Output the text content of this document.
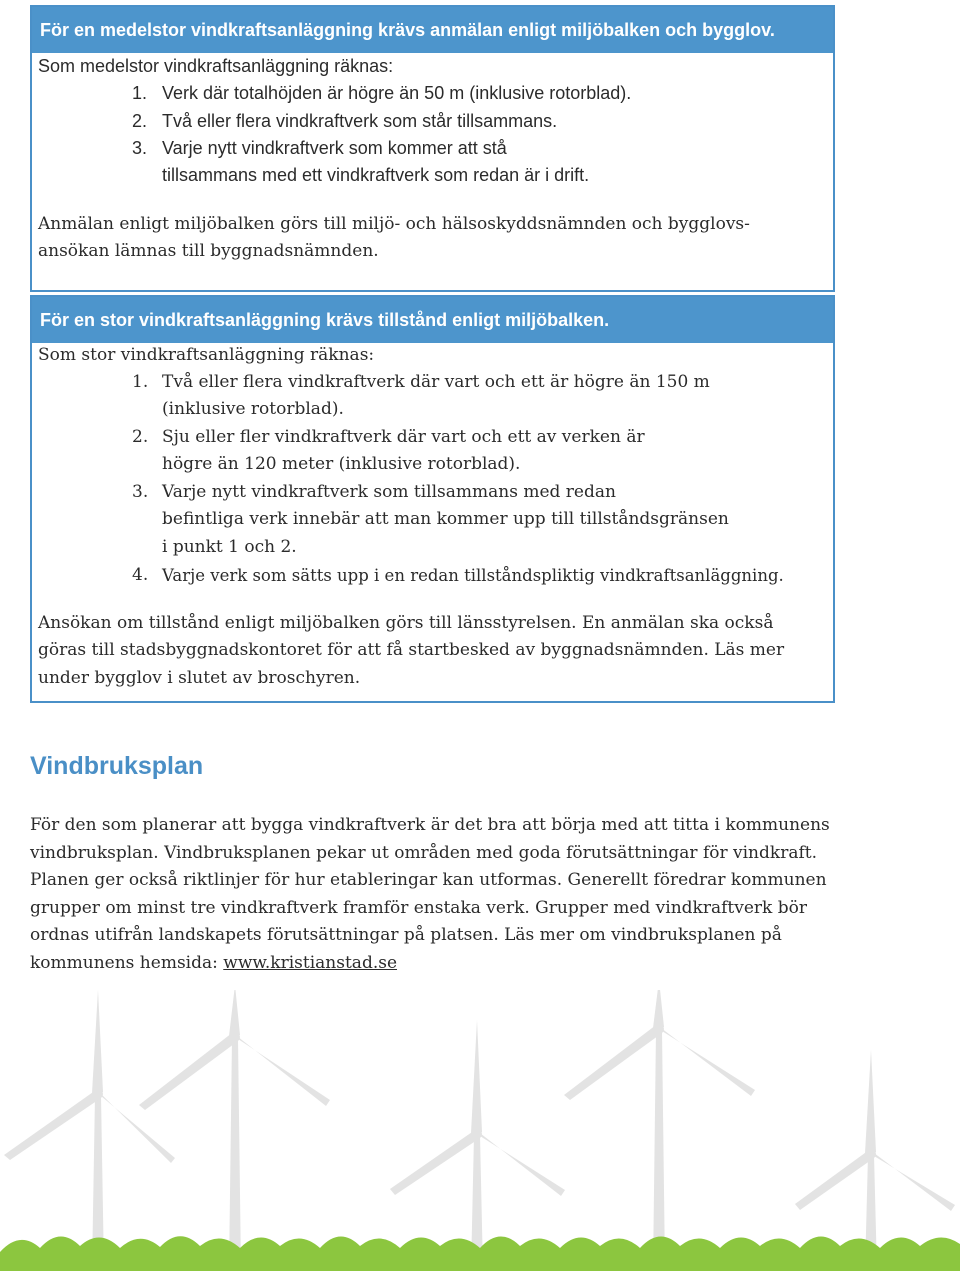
För en medelstor vindkraftsanläggning krävs anmälan enligt miljöbalken och bygglov.

Som medelstor vindkraftsanläggning räknas:

1. Verk där totalhöjden är högre än 50 m (inklusive rotorblad).

2. Två eller flera vindkraftverk som står tillsammans.

3. Varje nytt vindkraftverk som kommer att stå

tillsammans med ett vindkraftverk som redan är i drift.

Anmälan enligt miljöbalken görs till miljö- och hälsoskyddsnämnden och bygglovs-

ansökan lämnas till byggnadsnämnden.

För en stor vindkraftsanläggning krävs tillstånd enligt miljöbalken.

Som stor vindkraftsanläggning räknas:

1. Två eller flera vindkraftverk där vart och ett är högre än 150 m

(inklusive rotorblad).

2. Sju eller fler vindkraftverk där vart och ett av verken är

högre än 120 meter (inklusive rotorblad).

3. Varje nytt vindkraftverk som tillsammans med redan

befintliga verk innebär att man kommer upp till tillståndsgränsen

i punkt 1 och 2.

4. Varje verk som sätts upp i en redan tillståndspliktig vindkraftsanläggning.

Ansökan om tillstånd enligt miljöbalken görs till länsstyrelsen. En anmälan ska också

göras till stadsbyggnadskontoret för att få startbesked av byggnadsnämnden. Läs mer

under bygglov i slutet av broschyren.

Vindbruksplan

För den som planerar att bygga vindkraftverk är det bra att börja med att titta i kommunens

vindbruksplan. Vindbruksplanen pekar ut områden med goda förutsättningar för vindkraft.

Planen ger också riktlinjer för hur etableringar kan utformas. Generellt föredrar kommunen

grupper om minst tre vindkraftverk framför enstaka verk. Grupper med vindkraftverk bör

ordnas utifrån landskapets förutsättningar på platsen. Läs mer om vindbruksplanen på

kommunens hemsida: www.kristianstad.se
